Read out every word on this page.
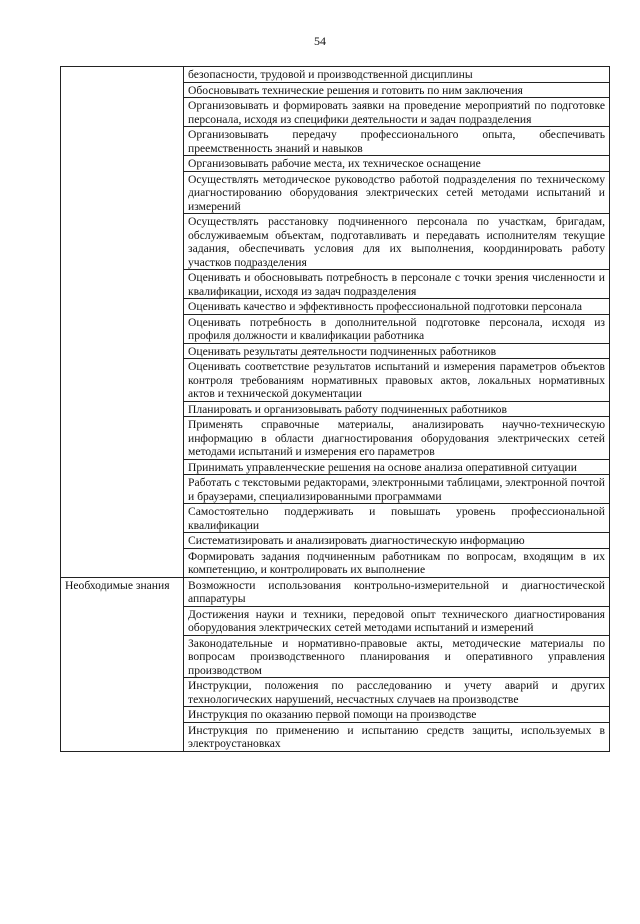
54

	безопасности, трудовой и производственной дисциплины

	Обосновывать технические решения и готовить по ним заключения

	Организовывать и формировать заявки на проведение мероприятий по подготовке персонала, исходя из специфики деятельности и задач подразделения

	Организовывать передачу профессионального опыта, обеспечивать преемственность знаний и навыков

	Организовывать рабочие места, их техническое оснащение

	Осуществлять методическое руководство работой подразделения по техническому диагностированию оборудования электрических сетей методами испытаний и измерений

	Осуществлять расстановку подчиненного персонала по участкам, бригадам, обслуживаемым объектам, подготавливать и передавать исполнителям текущие задания, обеспечивать условия для их выполнения, координировать работу участков подразделения

	Оценивать и обосновывать потребность в персонале с точки зрения численности и квалификации, исходя из задач подразделения

	Оценивать качество и эффективность профессиональной подготовки персонала

	Оценивать потребность в дополнительной подготовке персонала, исходя из профиля должности и квалификации работника

	Оценивать результаты деятельности подчиненных работников

	Оценивать соответствие результатов испытаний и измерения параметров объектов контроля требованиям нормативных правовых актов, локальных нормативных актов и технической документации

	Планировать и организовывать работу подчиненных работников

	Применять справочные материалы, анализировать научно-техническую информацию в области диагностирования оборудования электрических сетей методами испытаний и измерения его параметров

	Принимать управленческие решения на основе анализа оперативной ситуации

	Работать с текстовыми редакторами, электронными таблицами, электронной почтой и браузерами, специализированными программами

	Самостоятельно поддерживать и повышать уровень профессиональной квалификации

	Систематизировать и анализировать диагностическую информацию

	Формировать задания подчиненным работникам по вопросам, входящим в их компетенцию, и контролировать их выполнение

Необходимые знания	Возможности использования контрольно-измерительной и диагностической аппаратуры

	Достижения науки и техники, передовой опыт технического диагностирования оборудования электрических сетей методами испытаний и измерений

	Законодательные и нормативно-правовые акты, методические материалы по вопросам производственного планирования и оперативного управления производством

	Инструкции, положения по расследованию и учету аварий и других технологических нарушений, несчастных случаев на производстве

	Инструкция по оказанию первой помощи на производстве

	Инструкция по применению и испытанию средств защиты, используемых в электроустановках
